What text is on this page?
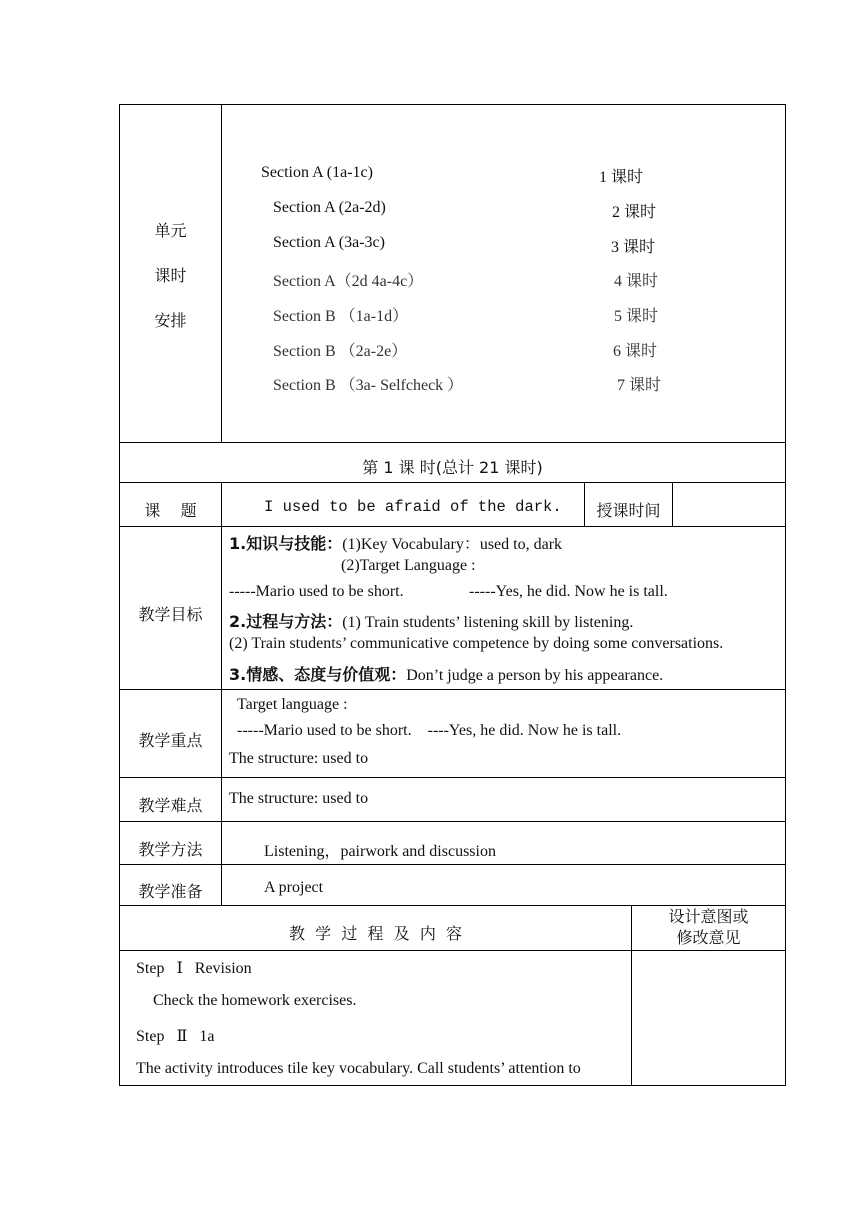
单元
课时
安排
Section A (1a-1c)	1 课时
Section A (2a-2d)	2 课时
Section A (3a-3c)	3 课时
Section A（2d 4a-4c）	4 课时
Section B （1a-1d）	5 课时
Section B （2a-2e）	6 课时
Section B （3a- Selfcheck ）	7 课时
第 1 课 时(总计 21 课时)
课    题	I used to be afraid of the dark.	授课时间
教学目标
1.知识与技能：(1)Key Vocabulary：used to, dark
(2)Target Language :
-----Mario used to be short.	-----Yes, he did. Now he is tall.
2.过程与方法：(1) Train students’ listening skill by listening.
(2) Train students’ communicative competence by doing some conversations.
3.情感、态度与价值观：Don’t judge a person by his appearance.
教学重点
Target language :
-----Mario used to be short.    ----Yes, he did. Now he is tall.
The structure: used to
教学难点	The structure: used to
教学方法	Listening，pairwork and discussion
教学准备	A project
教  学  过  程  及  内  容
设计意图或
修改意见
Step   Ⅰ   Revision
Check the homework exercises.
Step   Ⅱ   1a
The activity introduces tile key vocabulary. Call students’ attention to
